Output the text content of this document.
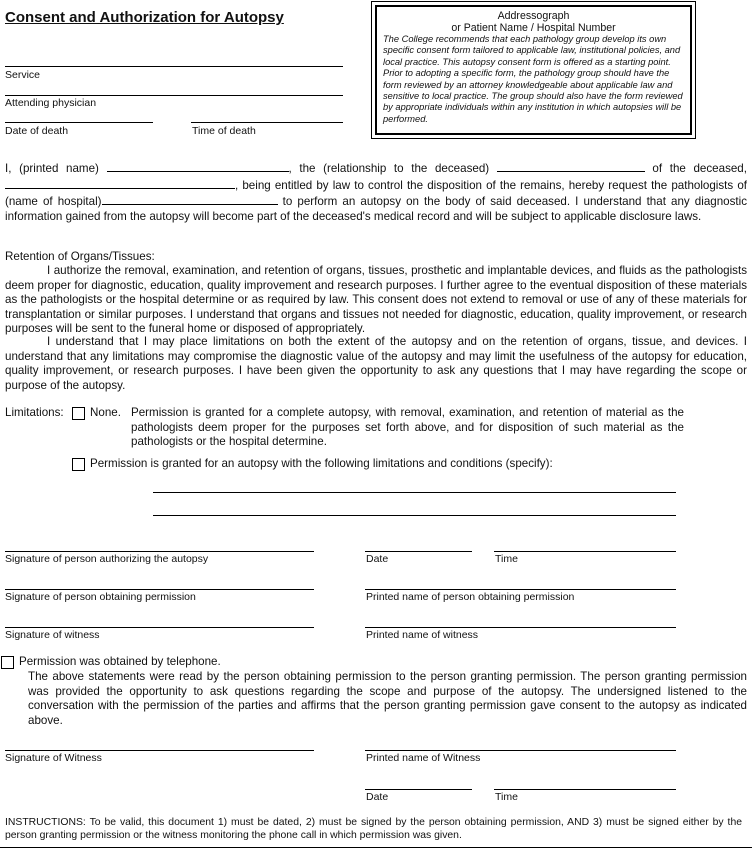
Consent and Authorization for Autopsy	Addressograph
or Patient Name / Hospital Number
The College recommends that each pathology group develop its own specific consent form tailored to applicable law, institutional policies, and local practice. This autopsy consent form is offered as a starting point. Prior to adopting a specific form, the pathology group should have the form reviewed by an attorney knowledgeable about applicable law and sensitive to local practice. The group should also have the form reviewed by appropriate individuals within any institution in which autopsies will be performed.
Service
Attending physician
Date of death	Time of death
I, (printed name)	, the (relationship to the deceased)	of the deceased, , being entitled by law to control the disposition of the remains, hereby request the pathologists of (name of hospital)	to perform an autopsy on the body of said deceased. I understand that any diagnostic information gained from the autopsy will become part of the deceased's medical record and will be subject to applicable disclosure laws.
Retention of Organs/Tissues:
I authorize the removal, examination, and retention of organs, tissues, prosthetic and implantable devices, and fluids as the pathologists deem proper for diagnostic, education, quality improvement and research purposes. I further agree to the eventual disposition of these materials as the pathologists or the hospital determine or as required by law. This consent does not extend to removal or use of any of these materials for transplantation or similar purposes. I understand that organs and tissues not needed for diagnostic, education, quality improvement, or research purposes will be sent to the funeral home or disposed of appropriately.
I understand that I may place limitations on both the extent of the autopsy and on the retention of organs, tissue, and devices. I understand that any limitations may compromise the diagnostic value of the autopsy and may limit the usefulness of the autopsy for education, quality improvement, or research purposes. I have been given the opportunity to ask any questions that I may have regarding the scope or purpose of the autopsy.
Limitations: None. Permission is granted for a complete autopsy, with removal, examination, and retention of material as the pathologists deem proper for the purposes set forth above, and for disposition of such material as the pathologists or the hospital determine.
Permission is granted for an autopsy with the following limitations and conditions (specify):
Signature of person authorizing the autopsy	Date	Time
Signature of person obtaining permission	Printed name of person obtaining permission
Signature of witness	Printed name of witness
Permission was obtained by telephone.
The above statements were read by the person obtaining permission to the person granting permission. The person granting permission was provided the opportunity to ask questions regarding the scope and purpose of the autopsy. The undersigned listened to the conversation with the permission of the parties and affirms that the person granting permission gave consent to the autopsy as indicated above.
Signature of Witness	Printed name of Witness
Date	Time
INSTRUCTIONS: To be valid, this document 1) must be dated, 2) must be signed by the person obtaining permission, AND 3) must be signed either by the person granting permission or the witness monitoring the phone call in which permission was given.
